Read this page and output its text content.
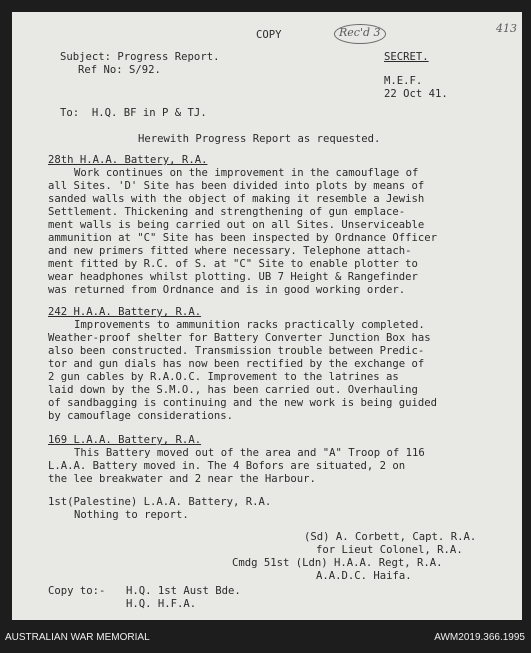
COPY	Rec'd 3	413
Subject: Progress Report.
Ref No: S/92.
SECRET.
M.E.F.
22 Oct 41.
To:  H.Q. BF in P & TJ.
Herewith Progress Report as requested.
28th H.A.A. Battery, R.A.
Work continues on the improvement in the camouflage of
all Sites. 'D' Site has been divided into plots by means of
sanded walls with the object of making it resemble a Jewish
Settlement. Thickening and strengthening of gun emplace-
ment walls is being carried out on all Sites. Unserviceable
ammunition at "C" Site has been inspected by Ordnance Officer
and new primers fitted where necessary. Telephone attach-
ment fitted by R.C. of S. at "C" Site to enable plotter to
wear headphones whilst plotting. UB 7 Height & Rangefinder
was returned from Ordnance and is in good working order.
242 H.A.A. Battery, R.A.
Improvements to ammunition racks practically completed.
Weather-proof shelter for Battery Converter Junction Box has
also been constructed. Transmission trouble between Predic-
tor and gun dials has now been rectified by the exchange of
2 gun cables by R.A.O.C. Improvement to the latrines as
laid down by the S.M.O., has been carried out. Overhauling
of sandbagging is continuing and the new work is being guided
by camouflage considerations.
169 L.A.A. Battery, R.A.
This Battery moved out of the area and "A" Troop of 116
L.A.A. Battery moved in. The 4 Bofors are situated, 2 on
the lee breakwater and 2 near the Harbour.
1st(Palestine) L.A.A. Battery, R.A.
Nothing to report.
(Sd) A. Corbett, Capt. R.A.
for Lieut Colonel, R.A.
Cmdg 51st (Ldn) H.A.A. Regt, R.A.
A.A.D.C. Haifa.
Copy to:- H.Q. 1st Aust Bde.
H.Q. H.F.A.
AUSTRALIAN WAR MEMORIAL	AWM2019.366.1995
